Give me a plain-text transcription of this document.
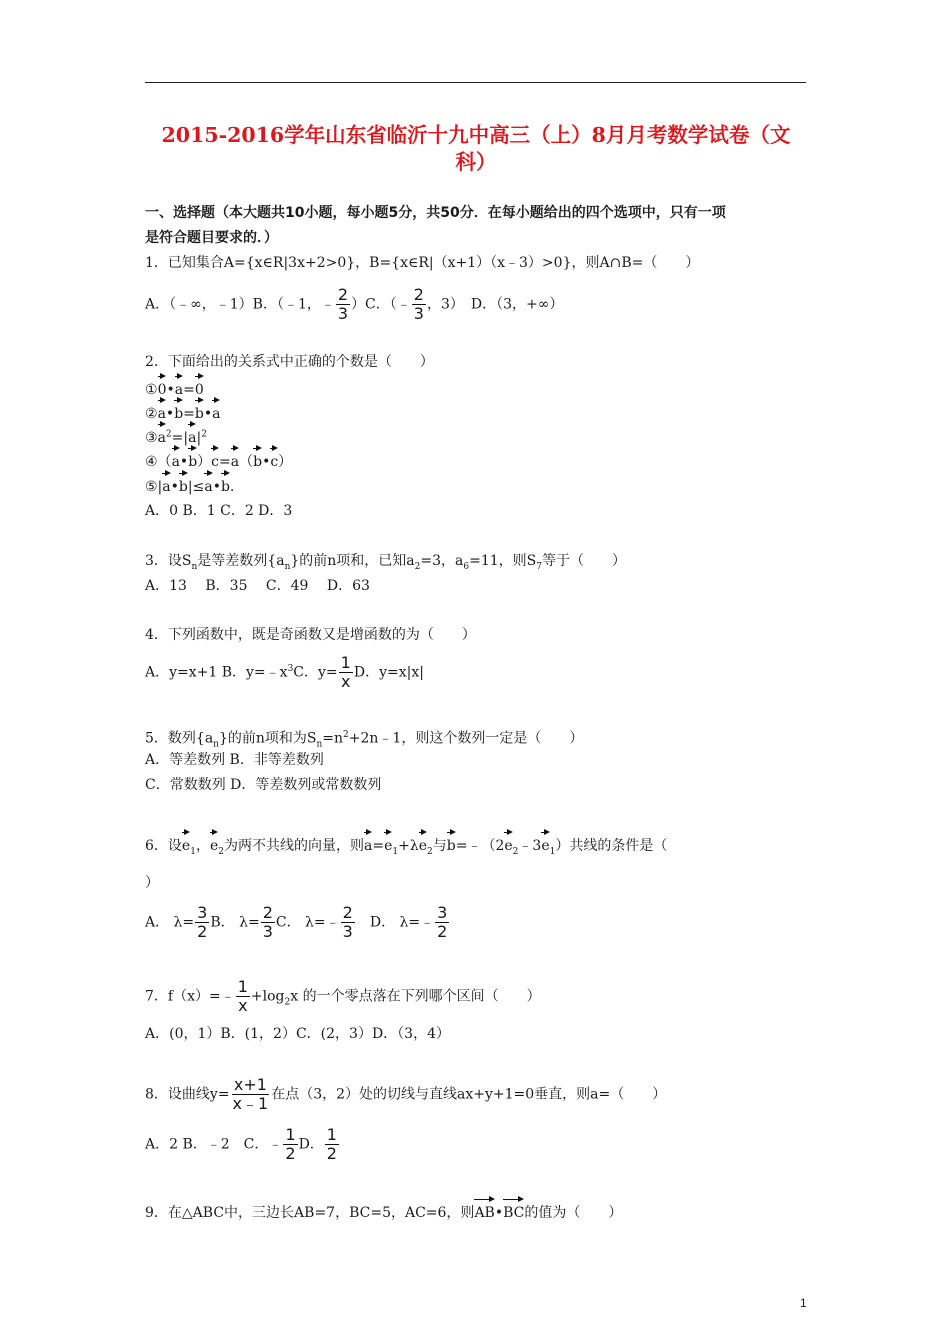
2015-2016学年山东省临沂十九中高三（上）8月月考数学试卷（文
科）
一、选择题（本大题共10小题，每小题5分，共50分．在每小题给出的四个选项中，只有一项
是符合题目要求的．）
1．已知集合A={x∈R|3x+2>0}，B={x∈R|（x+1）（x﹣3）>0}，则A∩B=（　　）
A．（﹣∞，﹣1）B．（﹣1，﹣ $\frac{2}{3} )C$．（﹣ $\frac{2}{3}$ ，3）　D．（3，+∞）
2．下面给出的关系式中正确的个数是（　　）
①0•a=0
②a•b=b•a
$③a^2=|a|^2$
④（a•b）c=a（b•c）
⑤|a•b|≤a•b.
A．0 B．1 C．2 D．3
3．设$S_n$是等差数列$\{a_n\}$的前n项和，已知$a_2=3$，$a_6=11$，则$S_7$等于（　　）
A．13　 B．35　 C．49　 D．63
4．下列函数中，既是奇函数又是增函数的为（　　）
A．y=x+1 B．$y=﹣x^3C$．$y= \frac{1}{x}$ D．y=x|x|
5．数列$\{a_n\}$的前n项和为$S_n=n^2+2n﹣1$，则这个数列一定是（　　）
A．等差数列 B．非等差数列
C．常数数列 D．等差数列或常数数列
6．设$e_1$，$e_2$为两不共线的向量，则$a=e_1+\lambda e_2$与$b=﹣(2e_2﹣3e_1)$共线的条件是（
）
A． $\lambda= \frac{3}{2}$ B． $\lambda= \frac{2}{3}$ C． λ=﹣ $\frac{2}{3}$ 　D． λ=﹣ $\frac{3}{2}$
7．f（x）=﹣ $\frac{1}{x} +\log_2x$ 的一个零点落在下列哪个区间（　　）
A．(0，1）B．(1，2）C．(2，3）D．（3，4）
8．设曲线$y= \frac{x+1}{x﹣1}$ 在点（3，2）处的切线与直线ax+y+1=0垂直，则a=（　　）
A．2 B．﹣2　C．﹣ $\frac{1}{2}$ D． $\frac{1}{2}$
9．在△ABC中，三边长AB=7，BC=5，AC=6，则AB•BC的值为（　　）
1
